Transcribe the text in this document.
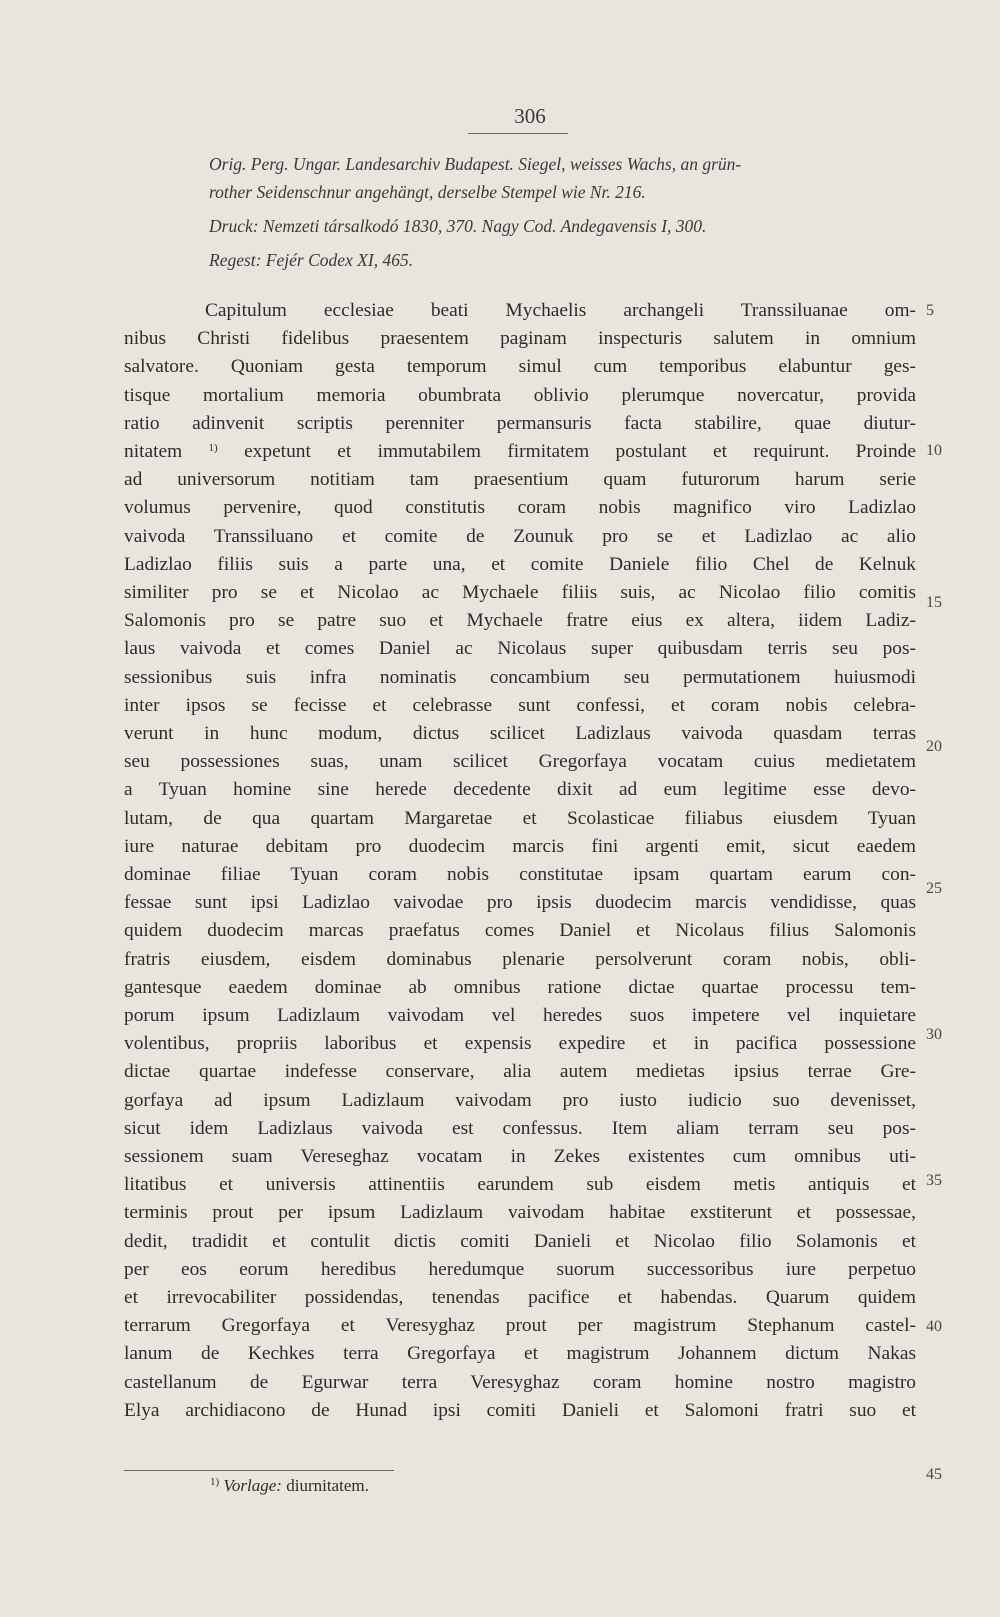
306
Orig. Perg. Ungar. Landesarchiv Budapest. Siegel, weisses Wachs, an grün-
rother Seidenschnur angehängt, derselbe Stempel wie Nr. 216.
Druck: Nemzeti társalkodó 1830, 370. Nagy Cod. Andegavensis I, 300.
Regest: Fejér Codex XI, 465.
Capitulum ecclesiae beati Mychaelis archangeli Transsiluanae om-
nibus Christi fidelibus praesentem paginam inspecturis salutem in omnium
salvatore. Quoniam gesta temporum simul cum temporibus elabuntur ges-
tisque mortalium memoria obumbrata oblivio plerumque novercatur, provida
ratio adinvenit scriptis perenniter permansuris facta stabilire, quae diutur-
nitatem $^{1)}$ expetunt et immutabilem firmitatem postulant et requirunt. Proinde
ad universorum notitiam tam praesentium quam futurorum harum serie
volumus pervenire, quod constitutis coram nobis magnifico viro Ladizlao
vaivoda Transsiluano et comite de Zounuk pro se et Ladizlao ac alio
Ladizlao filiis suis a parte una, et comite Daniele filio Chel de Kelnuk
similiter pro se et Nicolao ac Mychaele filiis suis, ac Nicolao filio comitis
Salomonis pro se patre suo et Mychaele fratre eius ex altera, iidem Ladiz-
laus vaivoda et comes Daniel ac Nicolaus super quibusdam terris seu pos-
sessionibus suis infra nominatis concambium seu permutationem huiusmodi
inter ipsos se fecisse et celebrasse sunt confessi, et coram nobis celebra-
verunt in hunc modum, dictus scilicet Ladizlaus vaivoda quasdam terras
seu possessiones suas, unam scilicet Gregorfaya vocatam cuius medietatem
a Tyuan homine sine herede decedente dixit ad eum legitime esse devo-
lutam, de qua quartam Margaretae et Scolasticae filiabus eiusdem Tyuan
iure naturae debitam pro duodecim marcis fini argenti emit, sicut eaedem
dominae filiae Tyuan coram nobis constitutae ipsam quartam earum con-
fessae sunt ipsi Ladizlao vaivodae pro ipsis duodecim marcis vendidisse, quas
quidem duodecim marcas praefatus comes Daniel et Nicolaus filius Salomonis
fratris eiusdem, eisdem dominabus plenarie persolverunt coram nobis, obli-
gantesque eaedem dominae ab omnibus ratione dictae quartae processu tem-
porum ipsum Ladizlaum vaivodam vel heredes suos impetere vel inquietare
volentibus, propriis laboribus et expensis expedire et in pacifica possessione
dictae quartae indefesse conservare, alia autem medietas ipsius terrae Gre-
gorfaya ad ipsum Ladizlaum vaivodam pro iusto iudicio suo devenisset,
sicut idem Ladizlaus vaivoda est confessus. Item aliam terram seu pos-
sessionem suam Vereseghaz vocatam in Zekes existentes cum omnibus uti-
litatibus et universis attinentiis earundem sub eisdem metis antiquis et
terminis prout per ipsum Ladizlaum vaivodam habitae exstiterunt et possessae,
dedit, tradidit et contulit dictis comiti Danieli et Nicolao filio Solamonis et
per eos eorum heredibus heredumque suorum successoribus iure perpetuo
et irrevocabiliter possidendas, tenendas pacifice et habendas. Quarum quidem
terrarum Gregorfaya et Veresyghaz prout per magistrum Stephanum castel-
lanum de Kechkes terra Gregorfaya et magistrum Johannem dictum Nakas
castellanum de Egurwar terra Veresyghaz coram homine nostro magistro
Elya archidiacono de Hunad ipsi comiti Danieli et Salomoni fratri suo et
5
10
15
20
25
30
35
40
45
$^{1)}$ Vorlage: diurnitatem.
